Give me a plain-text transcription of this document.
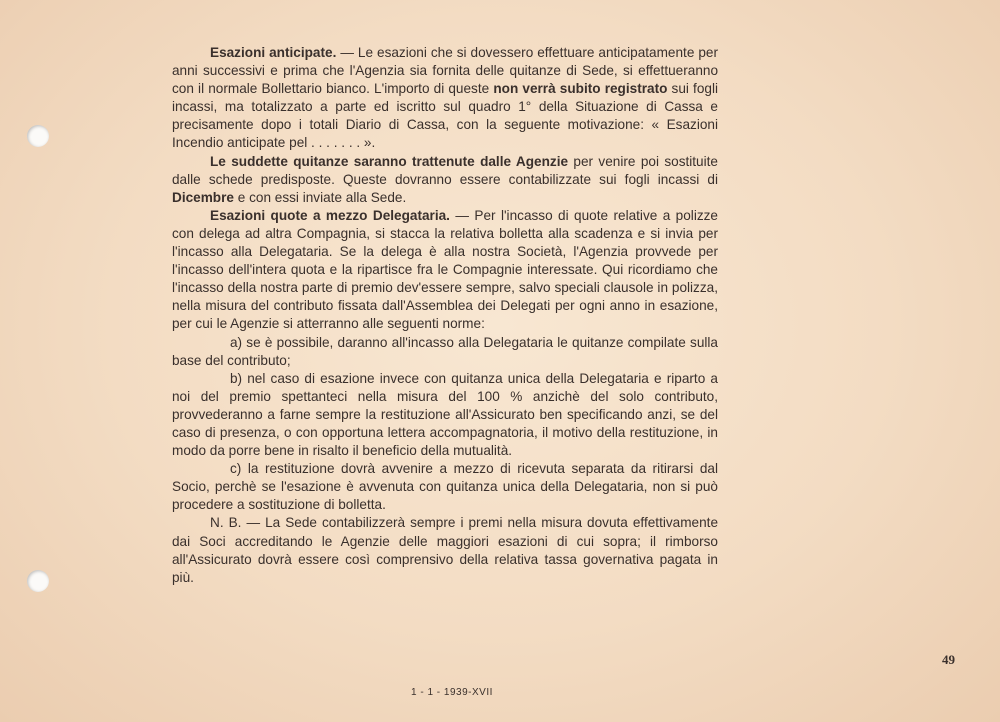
Esazioni anticipate. — Le esazioni che si dovessero effettuare anticipatamente per anni successivi e prima che l'Agenzia sia fornita delle quitanze di Sede, si effettueranno con il normale Bollettario bianco. L'importo di queste non verrà subito registrato sui fogli incassi, ma totalizzato a parte ed iscritto sul quadro 1° della Situazione di Cassa e precisamente dopo i totali Diario di Cassa, con la seguente motivazione: « Esazioni Incendio anticipate pel . . . . . . . ».

Le suddette quitanze saranno trattenute dalle Agenzie per venire poi sostituite dalle schede predisposte. Queste dovranno essere contabilizzate sui fogli incassi di Dicembre e con essi inviate alla Sede.

Esazioni quote a mezzo Delegataria. — Per l'incasso di quote relative a polizze con delega ad altra Compagnia, si stacca la relativa bolletta alla scadenza e si invia per l'incasso alla Delegataria. Se la delega è alla nostra Società, l'Agenzia provvede per l'incasso dell'intera quota e la ripartisce fra le Compagnie interessate. Qui ricordiamo che l'incasso della nostra parte di premio dev'essere sempre, salvo speciali clausole in polizza, nella misura del contributo fissata dall'Assemblea dei Delegati per ogni anno in esazione, per cui le Agenzie si atterranno alle seguenti norme:

a) se è possibile, daranno all'incasso alla Delegataria le quitanze compilate sulla base del contributo;

b) nel caso di esazione invece con quitanza unica della Delegataria e riparto a noi del premio spettanteci nella misura del 100 % anzichè del solo contributo, provvederanno a farne sempre la restituzione all'Assicurato ben specificando anzi, se del caso di presenza, o con opportuna lettera accompagnatoria, il motivo della restituzione, in modo da porre bene in risalto il beneficio della mutualità.

c) la restituzione dovrà avvenire a mezzo di ricevuta separata da ritirarsi dal Socio, perchè se l'esazione è avvenuta con quitanza unica della Delegataria, non si può procedere a sostituzione di bolletta.

N. B. — La Sede contabilizzerà sempre i premi nella misura dovuta effettivamente dai Soci accreditando le Agenzie delle maggiori esazioni di cui sopra; il rimborso all'Assicurato dovrà essere così comprensivo della relativa tassa governativa pagata in più.

49
1 - 1 - 1939-XVII
